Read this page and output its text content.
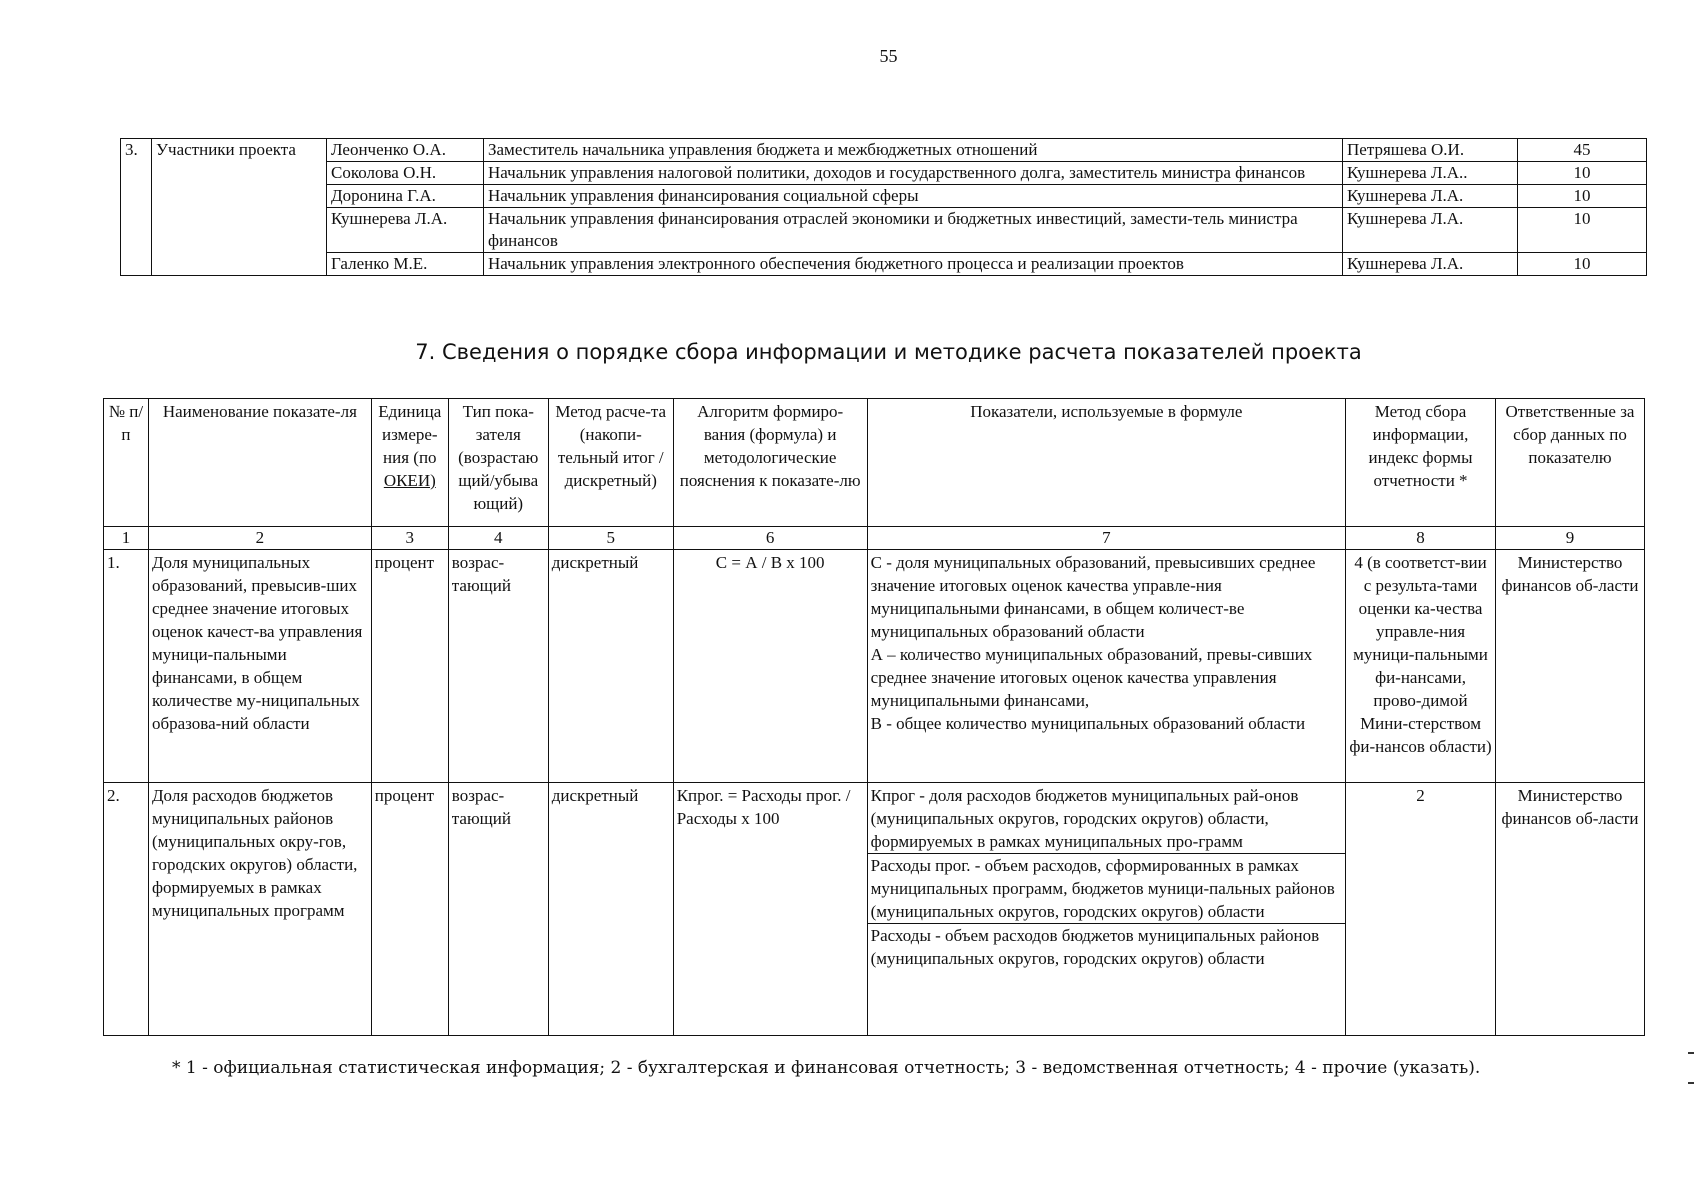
55
3.	Участники проекта	Леонченко О.А.	Заместитель начальника управления бюджета и межбюджетных отношений	Петряшева О.И.	45
		Соколова О.Н.	Начальник управления налоговой политики, доходов и государственного долга, заместитель министра финансов	Кушнерева Л.А..	10
		Доронина Г.А.	Начальник управления финансирования социальной сферы	Кушнерева Л.А.	10
		Кушнерева Л.А.	Начальник управления финансирования отраслей экономики и бюджетных инвестиций, замести-тель министра финансов	Кушнерева Л.А.	10
		Галенко М.Е.	Начальник управления электронного обеспечения бюджетного процесса и реализации проектов	Кушнерева Л.А.	10
7. Сведения о порядке сбора информации и методике расчета показателей проекта
№ п/п	Наименование показате-ля	Единица измере-ния (по ОКЕИ)	Тип пока-зателя (возрастаю щий/убыва ющий)	Метод расче-та (накопи-тельный итог / дискретный)	Алгоритм формиро-вания (формула) и методологические пояснения к показате-лю	Показатели, используемые в формуле	Метод сбора информации, индекс формы отчетности *	Ответственные за сбор данных по показателю
1	2	3	4	5	6	7	8	9
1.	Доля муниципальных образований, превысив-ших среднее значение итоговых оценок качест-ва управления муници-пальными финансами, в общем количестве му-ниципальных образова-ний области	процент	возрас-тающий	дискретный	С = А / В х 100	С - доля муниципальных образований, превысивших среднее значение итоговых оценок качества управле-ния муниципальными финансами, в общем количест-ве муниципальных образований области
А – количество муниципальных образований, превы-сивших среднее значение итоговых оценок качества управления муниципальными финансами,
В - общее количество муниципальных образований области	4 (в соответст-вии с результа-тами оценки ка-чества управле-ния муници-пальными фи-нансами, прово-димой Мини-стерством фи-нансов области)	Министерство финансов об-ласти
2.	Доля расходов бюджетов муниципальных районов (муниципальных окру-гов, городских округов) области, формируемых в рамках муниципальных программ	процент	возрас-тающий	дискретный	Кпрог. = Расходы прог. / Расходы х 100	Кпрог - доля расходов бюджетов муниципальных рай-онов (муниципальных округов, городских округов) области, формируемых в рамках муниципальных про-грамм
Расходы прог. - объем расходов, сформированных в рамках муниципальных программ, бюджетов муници-пальных районов (муниципальных округов, городских округов) области
Расходы - объем расходов бюджетов муниципальных районов (муниципальных округов, городских округов) области	2	Министерство финансов об-ласти
* 1 - официальная статистическая информация; 2 - бухгалтерская и финансовая отчетность; 3 - ведомственная отчетность; 4 - прочие (указать).
